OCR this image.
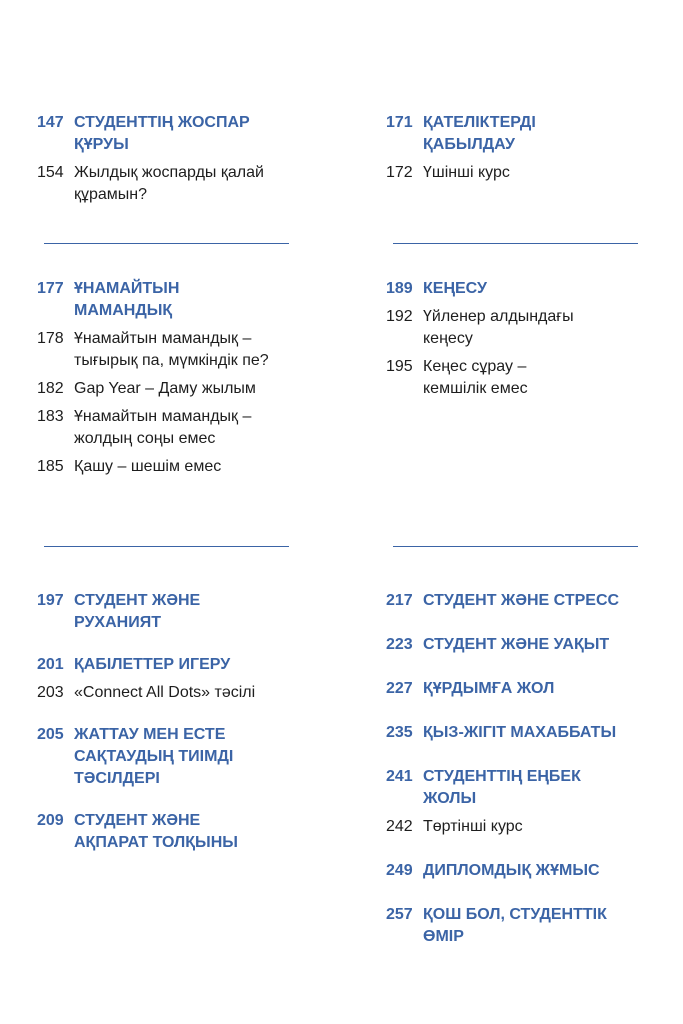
147 СТУДЕНТТІҢ ЖОСПАР ҚҰРУЫ
154 Жылдық жоспарды қалай құрамын?
171 ҚАТЕЛІКТЕРДІ ҚАБЫЛДАУ
172 Үшінші курс
177 ҰНАМАЙТЫН МАМАНДЫҚ
178 Ұнамайтын мамандық – тығырық па, мүмкіндік пе?
182 Gap Year – Даму жылым
183 Ұнамайтын мамандық – жолдың соңы емес
185 Қашу – шешім емес
189 КЕҢЕСУ
192 Үйленер алдындағы кеңесу
195 Кеңес сұрау – кемшілік емес
197 СТУДЕНТ ЖӘНЕ РУХАНИЯТ
201 ҚАБІЛЕТТЕР ИГЕРУ
203 «Connect All Dots» тәсілі
205 ЖАТТАУ МЕН ЕСТЕ САҚТАУДЫҢ ТИІМДІ ТӘСІЛДЕРІ
209 СТУДЕНТ ЖӘНЕ АҚПАРАТ ТОЛҚЫНЫ
217 СТУДЕНТ ЖӘНЕ СТРЕСС
223 СТУДЕНТ ЖӘНЕ УАҚЫТ
227 ҚҰРДЫМҒА ЖОЛ
235 ҚЫЗ-ЖІГІТ МАХАББАТЫ
241 СТУДЕНТТІҢ ЕҢБЕК ЖОЛЫ
242 Төртінші курс
249 ДИПЛОМДЫҚ ЖҰМЫС
257 ҚОШ БОЛ, СТУДЕНТТІК ӨМІР
